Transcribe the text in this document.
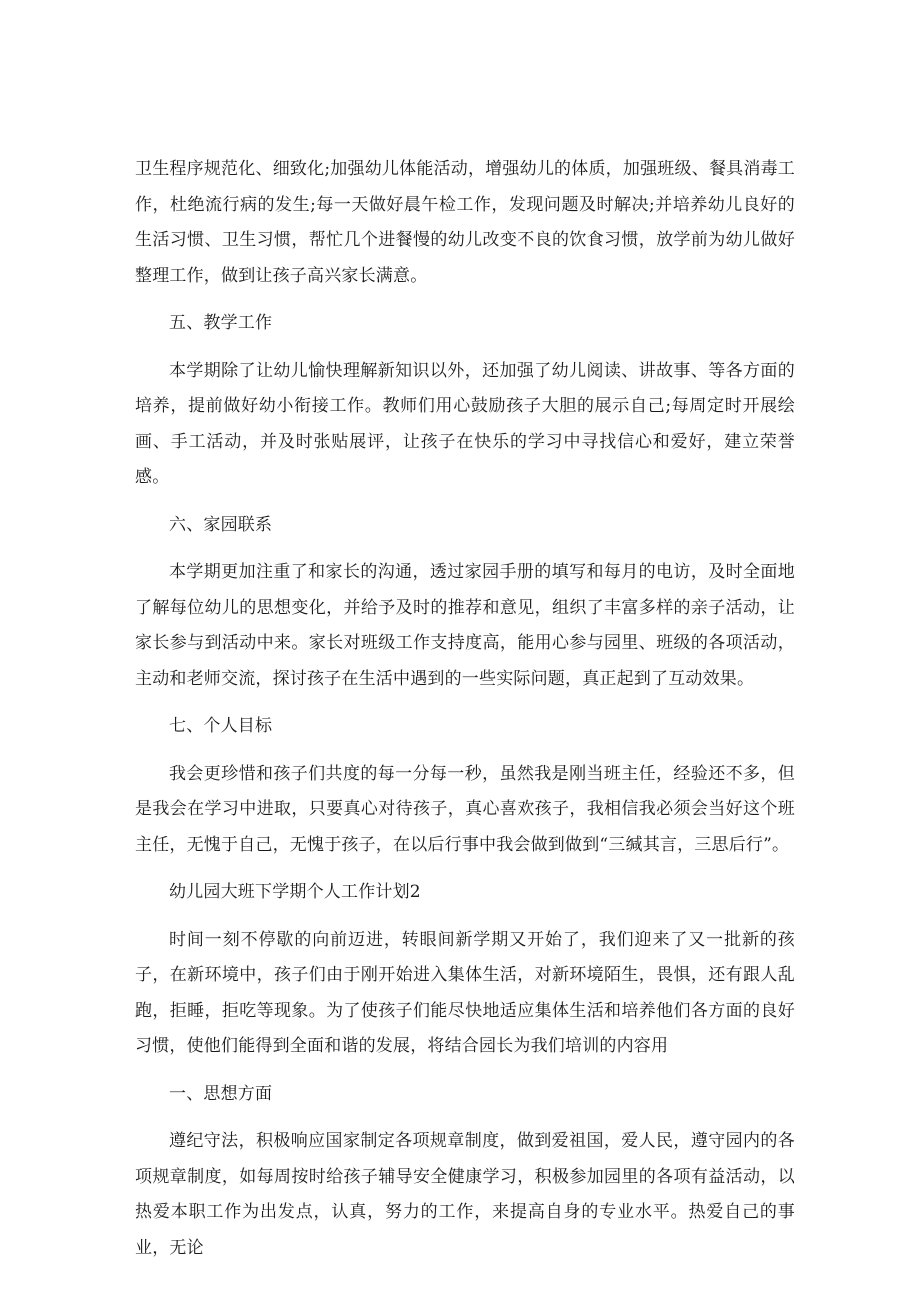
卫生程序规范化、细致化;加强幼儿体能活动，增强幼儿的体质，加强班级、餐具消毒工作，杜绝流行病的发生;每一天做好晨午检工作，发现问题及时解决;并培养幼儿良好的生活习惯、卫生习惯，帮忙几个进餐慢的幼儿改变不良的饮食习惯，放学前为幼儿做好整理工作，做到让孩子高兴家长满意。

五、教学工作

本学期除了让幼儿愉快理解新知识以外，还加强了幼儿阅读、讲故事、等各方面的培养，提前做好幼小衔接工作。教师们用心鼓励孩子大胆的展示自己;每周定时开展绘画、手工活动，并及时张贴展评，让孩子在快乐的学习中寻找信心和爱好，建立荣誉感。

六、家园联系

本学期更加注重了和家长的沟通，透过家园手册的填写和每月的电访，及时全面地了解每位幼儿的思想变化，并给予及时的推荐和意见，组织了丰富多样的亲子活动，让家长参与到活动中来。家长对班级工作支持度高，能用心参与园里、班级的各项活动，主动和老师交流，探讨孩子在生活中遇到的一些实际问题，真正起到了互动效果。

七、个人目标

我会更珍惜和孩子们共度的每一分每一秒，虽然我是刚当班主任，经验还不多，但是我会在学习中进取，只要真心对待孩子，真心喜欢孩子，我相信我必须会当好这个班主任，无愧于自己，无愧于孩子，在以后行事中我会做到做到“三缄其言，三思后行”。

幼儿园大班下学期个人工作计划2

时间一刻不停歇的向前迈进，转眼间新学期又开始了，我们迎来了又一批新的孩子，在新环境中，孩子们由于刚开始进入集体生活，对新环境陌生，畏惧，还有跟人乱跑，拒睡，拒吃等现象。为了使孩子们能尽快地适应集体生活和培养他们各方面的良好习惯，使他们能得到全面和谐的发展，将结合园长为我们培训的内容用

一、思想方面

遵纪守法，积极响应国家制定各项规章制度，做到爱祖国，爱人民，遵守园内的各项规章制度，如每周按时给孩子辅导安全健康学习，积极参加园里的各项有益活动，以热爱本职工作为出发点，认真，努力的工作，来提高自身的专业水平。热爱自己的事业，无论
